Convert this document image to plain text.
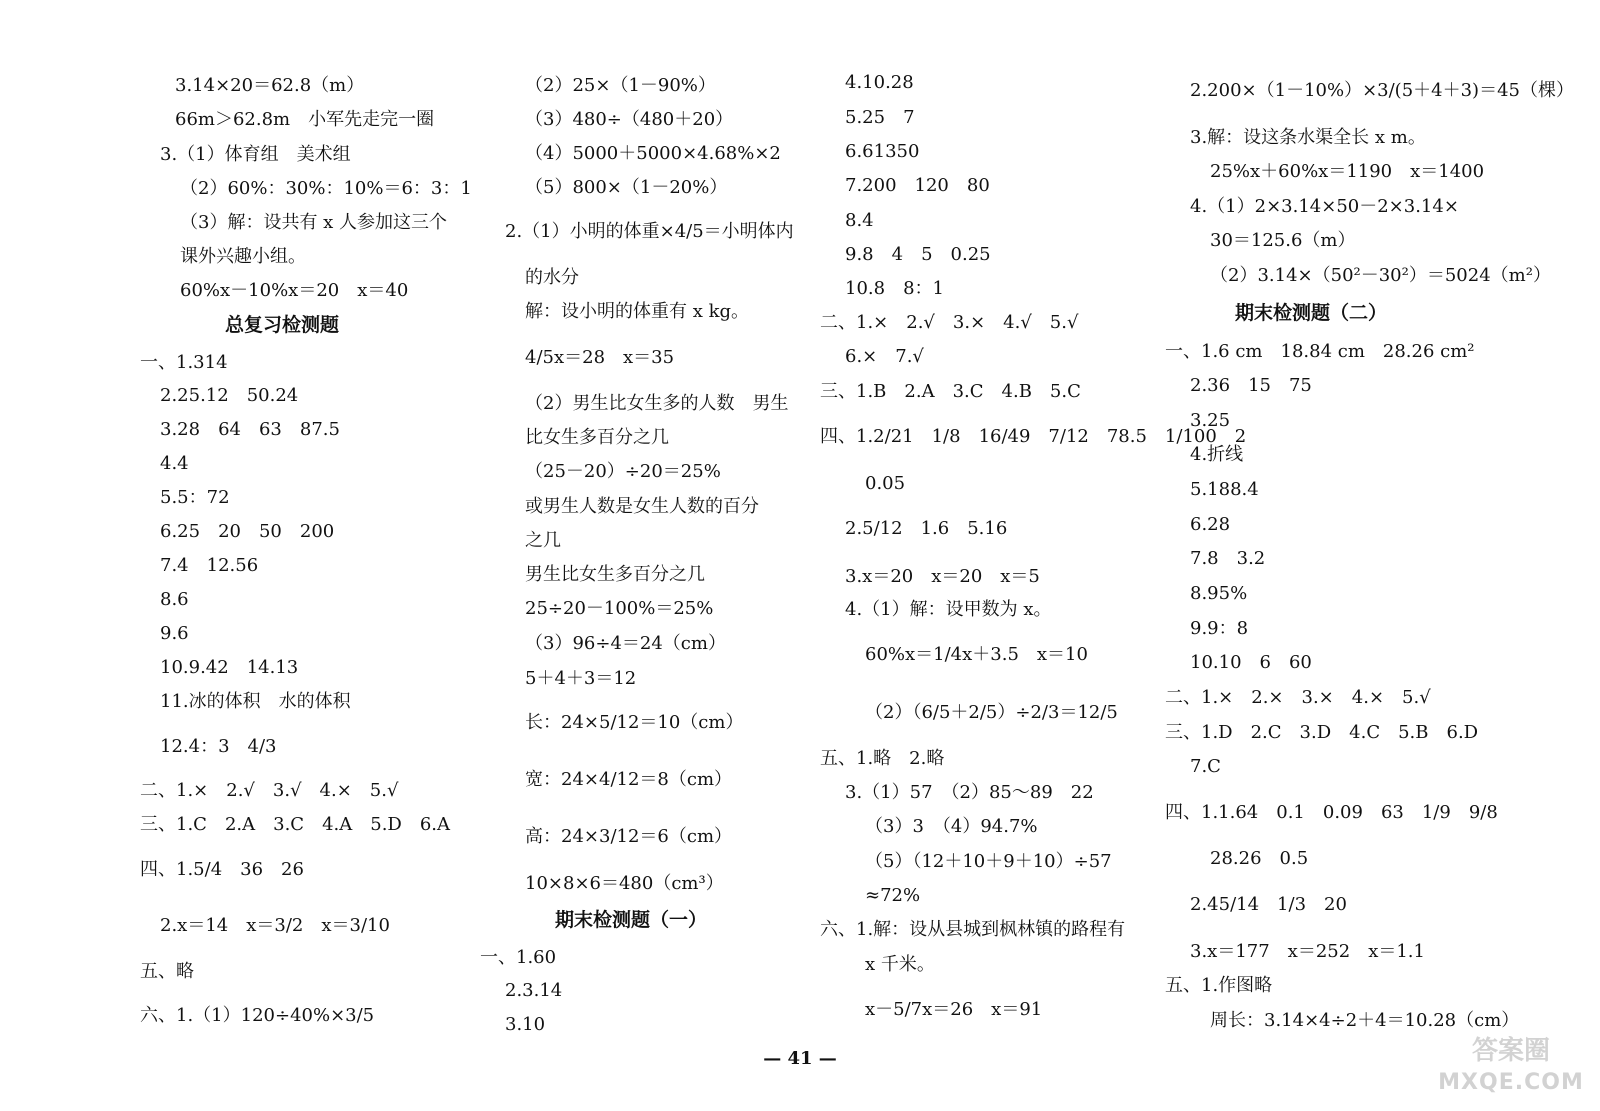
3.14×20＝62.8（m）
66m＞62.8m　小军先走完一圈
3.（1）体育组　美术组
（2）60%：30%：10%＝6：3：1
（3）解：设共有 x 人参加这三个
课外兴趣小组。
60%x－10%x＝20　x＝40
总复习检测题
一、1.314
2.25.12　50.24
3.28　64　63　87.5
4.4
5.5：72
6.25　20　50　200
7.4　12.56
8.6
9.6
10.9.42　14.13
11.冰的体积　水的体积
12.4：3　4/3
二、1.×　2.√　3.√　4.×　5.√
三、1.C　2.A　3.C　4.A　5.D　6.A
四、1.5/4　36　26
2.x＝14　x＝3/2　x＝3/10
五、略
六、1.（1）120÷40%×3/5
（2）25×（1－90%）
（3）480÷（480＋20）
（4）5000＋5000×4.68%×2
（5）800×（1－20%）
2.（1）小明的体重×4/5＝小明体内
的水分
解：设小明的体重有 x kg。
4/5x＝28　x＝35
（2）男生比女生多的人数　男生
比女生多百分之几
（25－20）÷20＝25%
或男生人数是女生人数的百分
之几
男生比女生多百分之几
25÷20－100%＝25%
（3）96÷4＝24（cm）
5＋4＋3＝12
长：24×5/12＝10（cm）
宽：24×4/12＝8（cm）
高：24×3/12＝6（cm）
10×8×6＝480（cm³）
期末检测题（一）
一、1.60
2.3.14
3.10
4.10.28
5.25　7
6.61350
7.200　120　80
8.4
9.8　4　5　0.25
10.8　8：1
二、1.×　2.√　3.×　4.√　5.√
6.×　7.√
三、1.B　2.A　3.C　4.B　5.C
四、1.2/21　1/8　16/49　7/12　78.5　1/100　2
0.05
2.5/12　1.6　5.16
3.x＝20　x＝20　x＝5
4.（1）解：设甲数为 x。
60%x＝1/4x＋3.5　x＝10
（2）（6/5＋2/5）÷2/3＝12/5
五、1.略　2.略
3.（1）57　（2）85～89　22
（3）3　（4）94.7%
（5）（12＋10＋9＋10）÷57
≈72%
六、1.解：设从县城到枫林镇的路程有
x 千米。
x－5/7x＝26　x＝91
2.200×（1－10%）×3/(5＋4＋3)＝45（棵）
3.解：设这条水渠全长 x m。
25%x＋60%x＝1190　x＝1400
4.（1）2×3.14×50－2×3.14×
30＝125.6（m）
（2）3.14×（50²－30²）＝5024（m²）
期末检测题（二）
一、1.6 cm　18.84 cm　28.26 cm²
2.36　15　75
3.25
4.折线
5.188.4
6.28
7.8　3.2
8.95%
9.9：8
10.10　6　60
二、1.×　2.×　3.×　4.×　5.√
三、1.D　2.C　3.D　4.C　5.B　6.D
7.C
四、1.1.64　0.1　0.09　63　1/9　9/8
28.26　0.5
2.45/14　1/3　20
3.x＝177　x＝252　x＝1.1
五、1.作图略
周长：3.14×4÷2＋4＝10.28（cm）
— 41 —	答案圈
MXQE.COM
